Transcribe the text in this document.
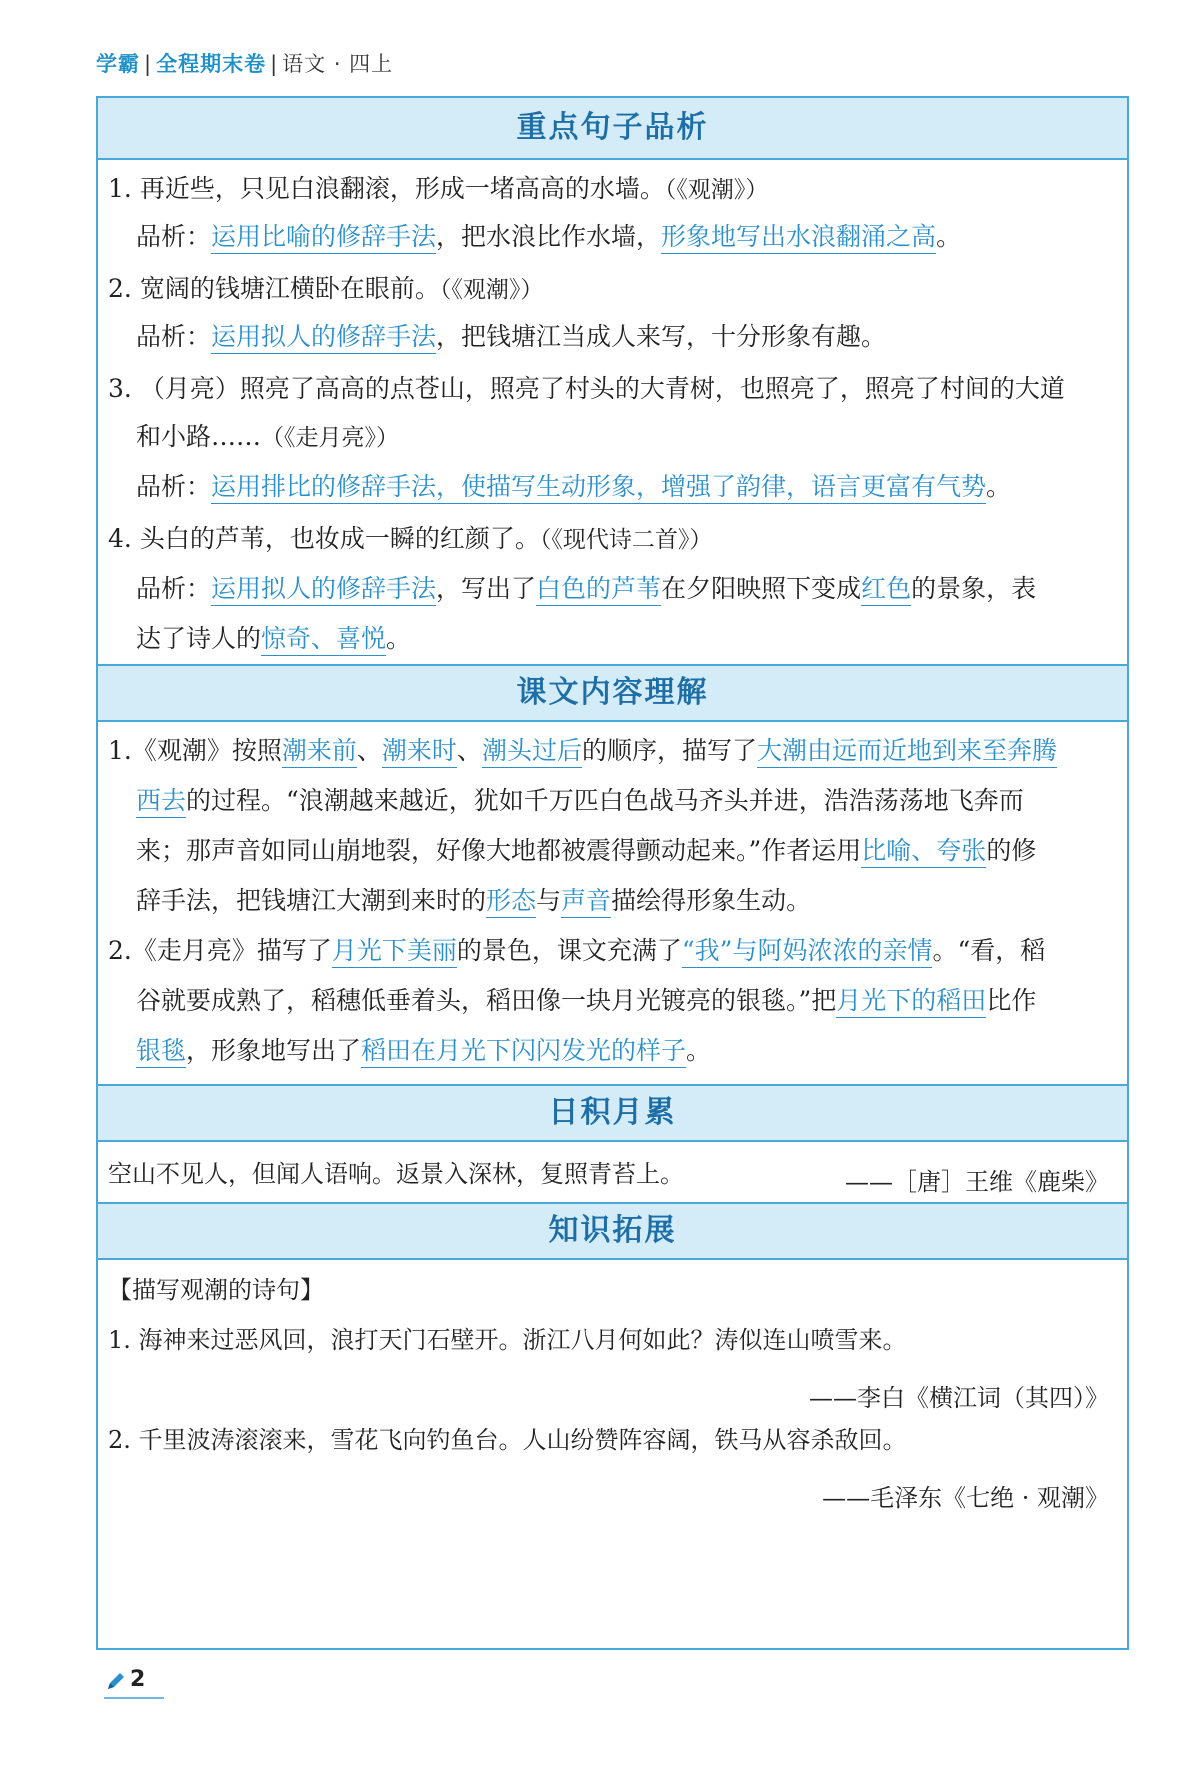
学霸 | 全程期末卷 | 语文 · 四上
重点句子品析
1. 再近些，只见白浪翻滚，形成一堵高高的水墙。（《观潮》）
品析：运用比喻的修辞手法，把水浪比作水墙，形象地写出水浪翻涌之高。
2. 宽阔的钱塘江横卧在眼前。（《观潮》）
品析：运用拟人的修辞手法，把钱塘江当成人来写，十分形象有趣。
3. （月亮）照亮了高高的点苍山，照亮了村头的大青树，也照亮了，照亮了村间的大道
和小路……（《走月亮》）
品析：运用排比的修辞手法，使描写生动形象，增强了韵律，语言更富有气势。
4. 头白的芦苇，也妆成一瞬的红颜了。（《现代诗二首》）
品析：运用拟人的修辞手法，写出了白色的芦苇在夕阳映照下变成红色的景象，表
达了诗人的惊奇、喜悦。
课文内容理解
1.《观潮》按照潮来前、潮来时、潮头过后的顺序，描写了大潮由远而近地到来至奔腾
西去的过程。“浪潮越来越近，犹如千万匹白色战马齐头并进，浩浩荡荡地飞奔而
来；那声音如同山崩地裂，好像大地都被震得颤动起来。”作者运用比喻、夸张的修
辞手法，把钱塘江大潮到来时的形态与声音描绘得形象生动。
2.《走月亮》描写了月光下美丽的景色，课文充满了“我”与阿妈浓浓的亲情。“看，稻
谷就要成熟了，稻穗低垂着头，稻田像一块月光镀亮的银毯。”把月光下的稻田比作
银毯，形象地写出了稻田在月光下闪闪发光的样子。
日积月累
空山不见人，但闻人语响。返景入深林，复照青苔上。	——［唐］王维《鹿柴》
知识拓展
【描写观潮的诗句】
1. 海神来过恶风回，浪打天门石壁开。浙江八月何如此？涛似连山喷雪来。
——李白《横江词（其四）》
2. 千里波涛滚滚来，雪花飞向钓鱼台。人山纷赞阵容阔，铁马从容杀敌回。
——毛泽东《七绝 · 观潮》
2
